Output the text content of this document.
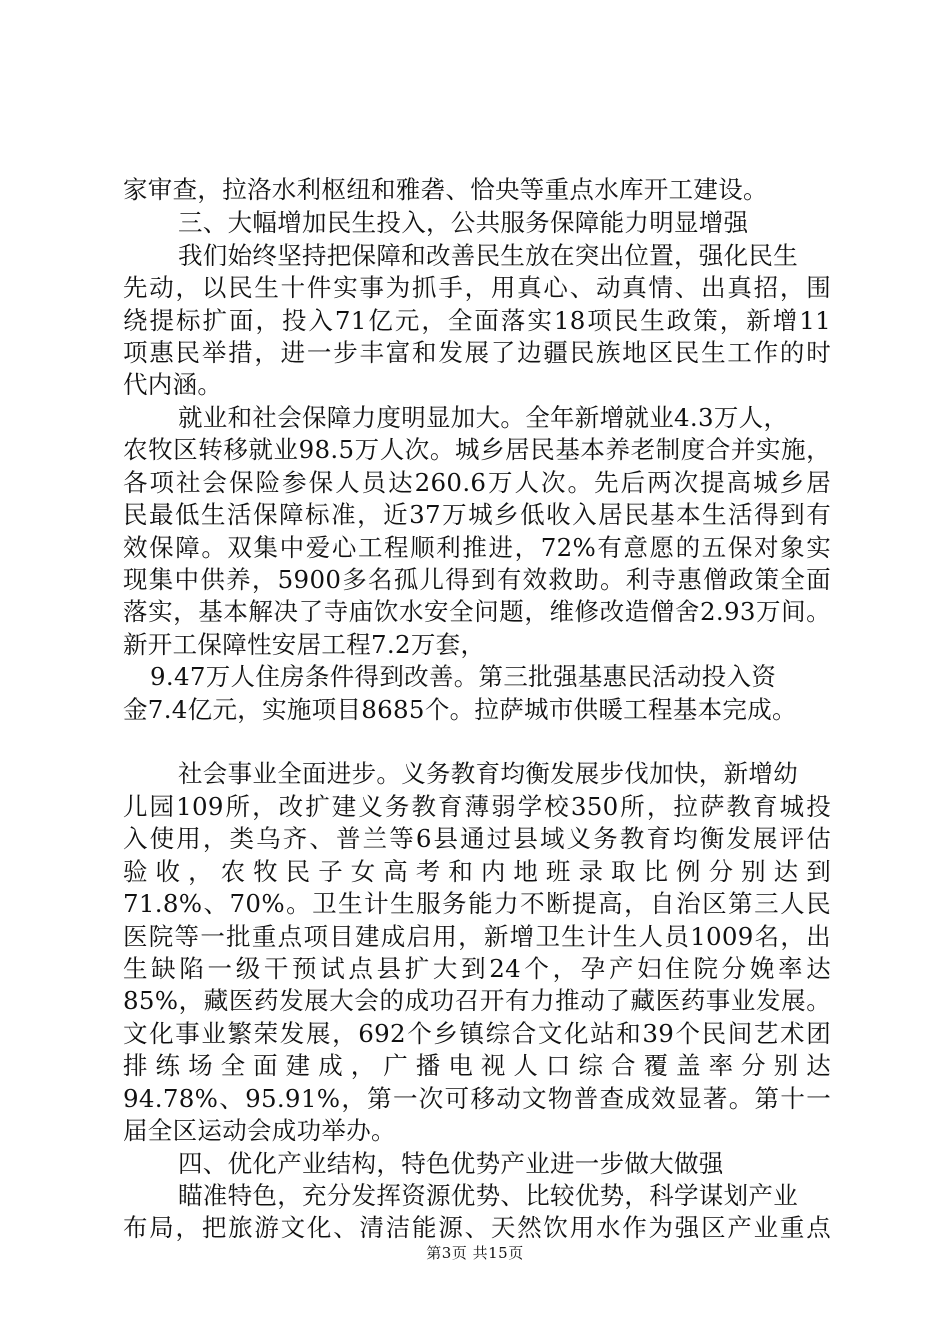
家审查，拉洛水利枢纽和雅砻、恰央等重点水库开工建设。
三、大幅增加民生投入，公共服务保障能力明显增强
我们始终坚持把保障和改善民生放在突出位置，强化民生
先动，以民生十件实事为抓手，用真心、动真情、出真招，围
绕提标扩面，投入71亿元，全面落实18项民生政策，新增11
项惠民举措，进一步丰富和发展了边疆民族地区民生工作的时
代内涵。
就业和社会保障力度明显加大。全年新增就业4.3万人，
农牧区转移就业98.5万人次。城乡居民基本养老制度合并实施，
各项社会保险参保人员达260.6万人次。先后两次提高城乡居
民最低生活保障标准，近37万城乡低收入居民基本生活得到有
效保障。双集中爱心工程顺利推进，72%有意愿的五保对象实
现集中供养，5900多名孤儿得到有效救助。利寺惠僧政策全面
落实，基本解决了寺庙饮水安全问题，维修改造僧舍2.93万间。
新开工保障性安居工程7.2万套，
9.47万人住房条件得到改善。第三批强基惠民活动投入资
金7.4亿元，实施项目8685个。拉萨城市供暖工程基本完成。
社会事业全面进步。义务教育均衡发展步伐加快，新增幼
儿园109所，改扩建义务教育薄弱学校350所，拉萨教育城投
入使用，类乌齐、普兰等6县通过县域义务教育均衡发展评估
验收，农牧民子女高考和内地班录取比例分别达到
71.8%、70%。卫生计生服务能力不断提高，自治区第三人民
医院等一批重点项目建成启用，新增卫生计生人员1009名，出
生缺陷一级干预试点县扩大到24个，孕产妇住院分娩率达
85%，藏医药发展大会的成功召开有力推动了藏医药事业发展。
文化事业繁荣发展，692个乡镇综合文化站和39个民间艺术团
排练场全面建成，广播电视人口综合覆盖率分别达
94.78%、95.91%，第一次可移动文物普查成效显著。第十一
届全区运动会成功举办。
四、优化产业结构，特色优势产业进一步做大做强
瞄准特色，充分发挥资源优势、比较优势，科学谋划产业
布局，把旅游文化、清洁能源、天然饮用水作为强区产业重点
第3页 共15页
